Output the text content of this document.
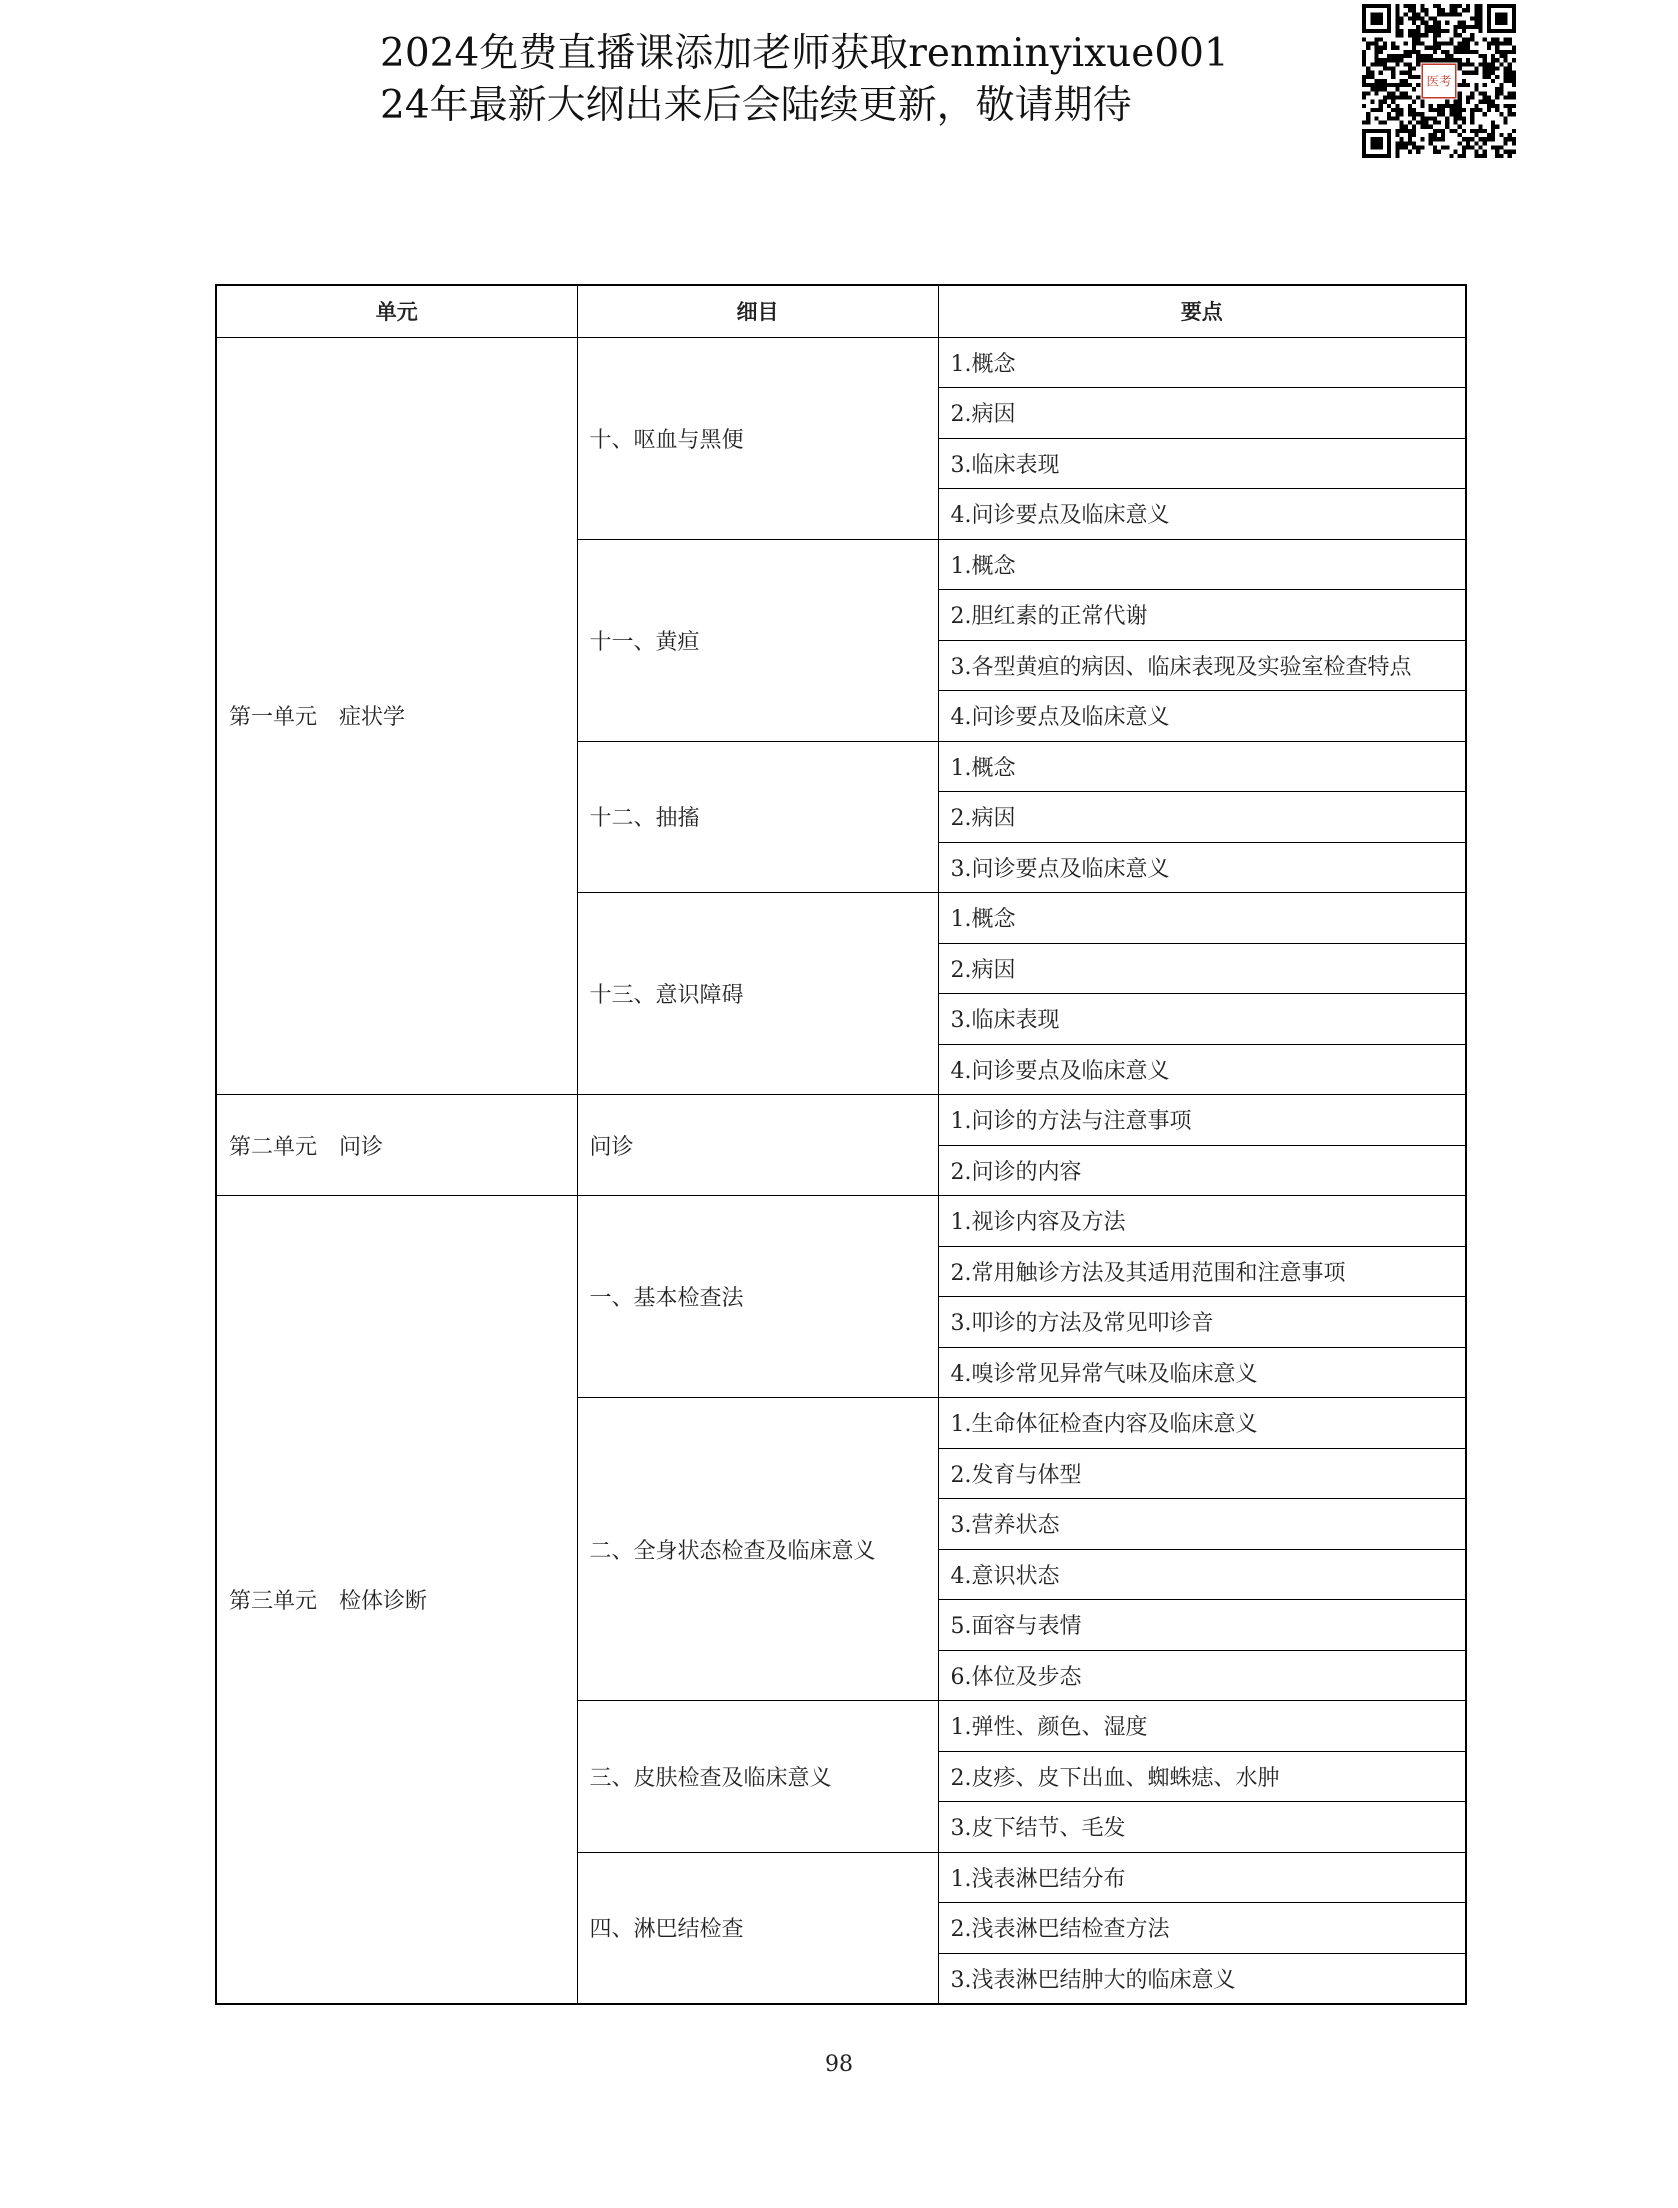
2024免费直播课添加老师获取renminyixue001
24年最新大纲出来后会陆续更新，敬请期待
医考
单元	细目	要点
第一单元　症状学	十、呕血与黑便	1.概念
		2.病因
		3.临床表现
		4.问诊要点及临床意义
	十一、黄疸	1.概念
		2.胆红素的正常代谢
		3.各型黄疸的病因、临床表现及实验室检查特点
		4.问诊要点及临床意义
	十二、抽搐	1.概念
		2.病因
		3.问诊要点及临床意义
	十三、意识障碍	1.概念
		2.病因
		3.临床表现
		4.问诊要点及临床意义
第二单元　问诊	问诊	1.问诊的方法与注意事项
		2.问诊的内容
第三单元　检体诊断	一、基本检查法	1.视诊内容及方法
		2.常用触诊方法及其适用范围和注意事项
		3.叩诊的方法及常见叩诊音
		4.嗅诊常见异常气味及临床意义
	二、全身状态检查及临床意义	1.生命体征检查内容及临床意义
		2.发育与体型
		3.营养状态
		4.意识状态
		5.面容与表情
		6.体位及步态
	三、皮肤检查及临床意义	1.弹性、颜色、湿度
		2.皮疹、皮下出血、蜘蛛痣、水肿
		3.皮下结节、毛发
	四、淋巴结检查	1.浅表淋巴结分布
		2.浅表淋巴结检查方法
		3.浅表淋巴结肿大的临床意义
98
